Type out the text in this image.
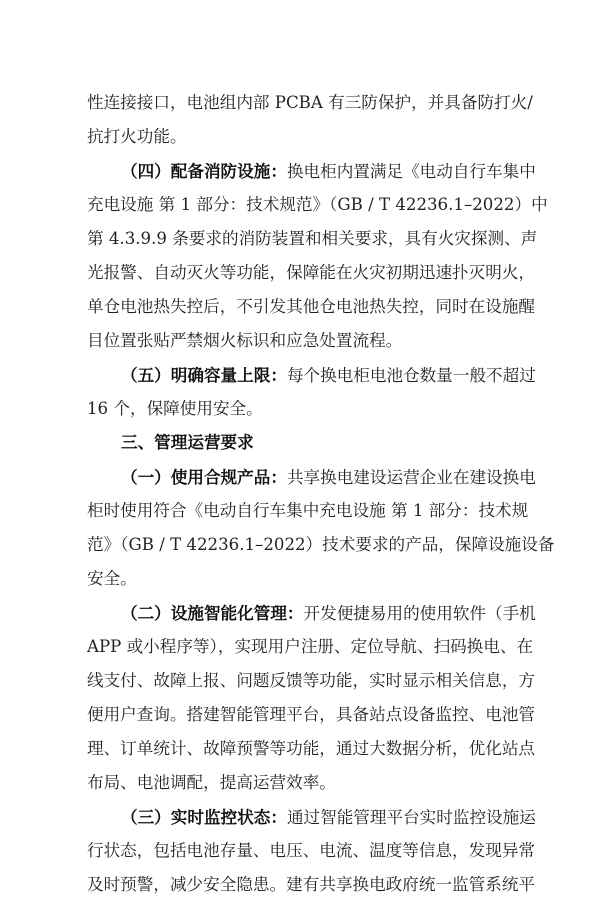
性连接接口，电池组内部 PCBA 有三防保护，并具备防打火/
抗打火功能。
（四）配备消防设施：换电柜内置满足《电动自行车集中
充电设施 第 1 部分：技术规范》（GB / T 42236.1–2022）中
第 4.3.9.9 条要求的消防装置和相关要求，具有火灾探测、声
光报警、自动灭火等功能，保障能在火灾初期迅速扑灭明火，
单仓电池热失控后，不引发其他仓电池热失控，同时在设施醒
目位置张贴严禁烟火标识和应急处置流程。
（五）明确容量上限：每个换电柜电池仓数量一般不超过
16 个，保障使用安全。
三、管理运营要求
（一）使用合规产品：共享换电建设运营企业在建设换电
柜时使用符合《电动自行车集中充电设施 第 1 部分：技术规
范》（GB / T 42236.1–2022）技术要求的产品，保障设施设备
安全。
（二）设施智能化管理：开发便捷易用的使用软件（手机
APP 或小程序等），实现用户注册、定位导航、扫码换电、在
线支付、故障上报、问题反馈等功能，实时显示相关信息，方
便用户查询。搭建智能管理平台，具备站点设备监控、电池管
理、订单统计、故障预警等功能，通过大数据分析，优化站点
布局、电池调配，提高运营效率。
（三）实时监控状态：通过智能管理平台实时监控设施运
行状态，包括电池存量、电压、电流、温度等信息，发现异常
及时预警，减少安全隐患。建有共享换电政府统一监管系统平
